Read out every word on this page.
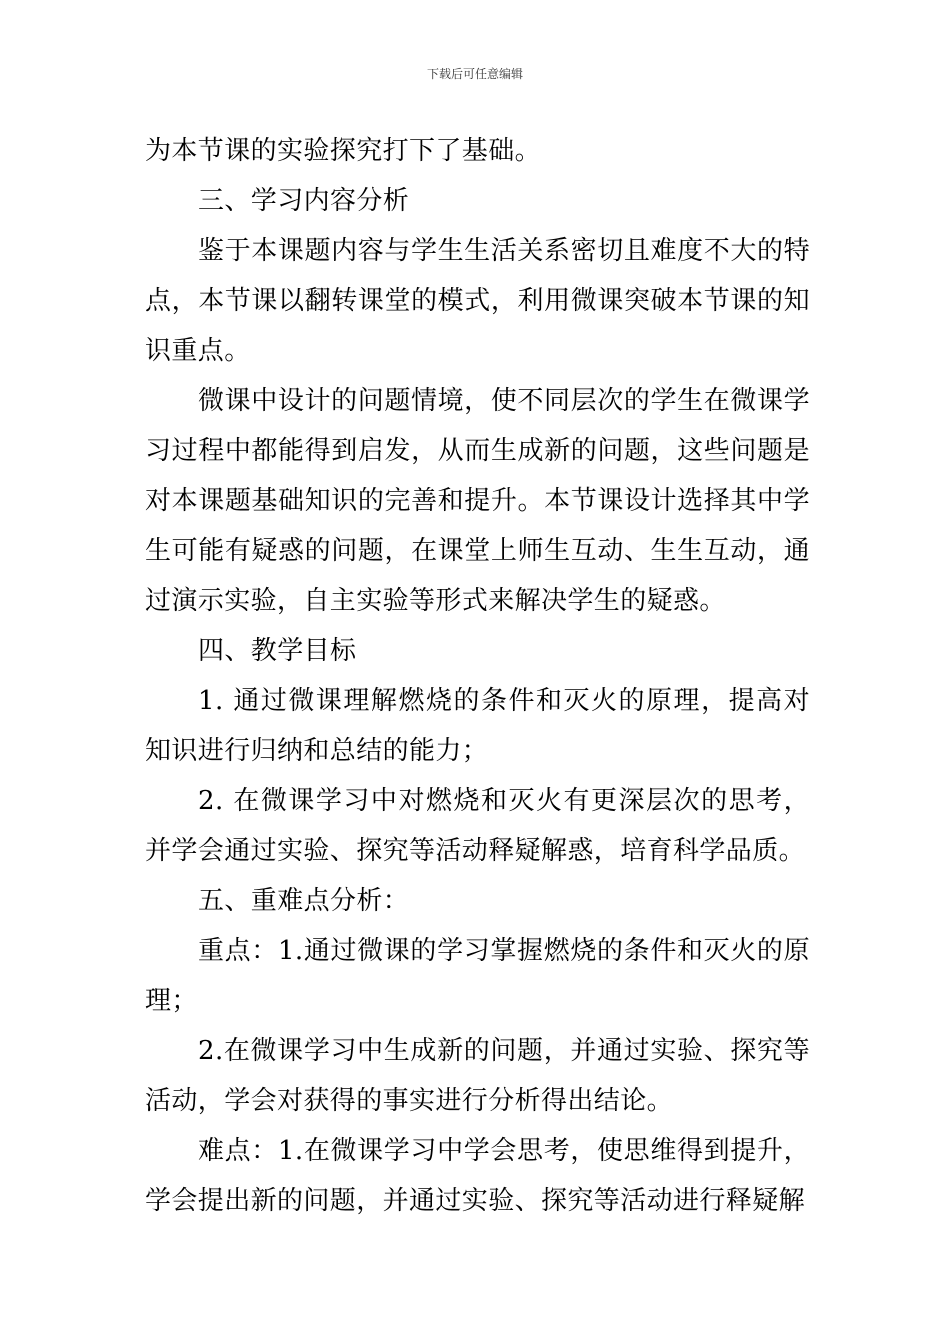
下载后可任意编辑

为本节课的实验探究打下了基础。

三、学习内容分析

鉴于本课题内容与学生生活关系密切且难度不大的特点，本节课以翻转课堂的模式，利用微课突破本节课的知识重点。

微课中设计的问题情境，使不同层次的学生在微课学习过程中都能得到启发，从而生成新的问题，这些问题是对本课题基础知识的完善和提升。本节课设计选择其中学生可能有疑惑的问题，在课堂上师生互动、生生互动，通过演示实验，自主实验等形式来解决学生的疑惑。

四、教学目标

1. 通过微课理解燃烧的条件和灭火的原理，提高对知识进行归纳和总结的能力；

2. 在微课学习中对燃烧和灭火有更深层次的思考，并学会通过实验、探究等活动释疑解惑，培育科学品质。

五、重难点分析：

重点：1.通过微课的学习掌握燃烧的条件和灭火的原理；

2.在微课学习中生成新的问题，并通过实验、探究等活动，学会对获得的事实进行分析得出结论。

难点：1.在微课学习中学会思考，使思维得到提升，学会提出新的问题，并通过实验、探究等活动进行释疑解
